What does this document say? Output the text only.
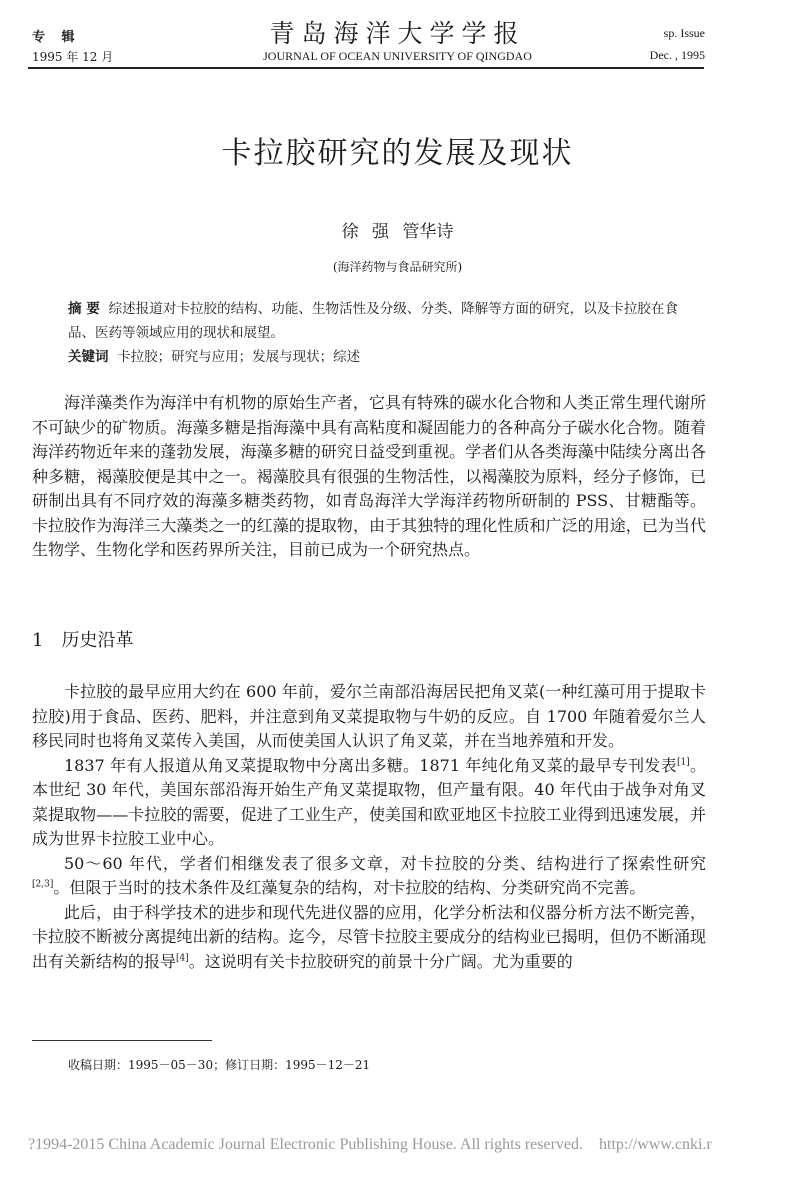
专 辑
1995 年 12 月
青岛海洋大学学报
JOURNAL OF OCEAN UNIVERSITY OF QINGDAO
sp. Issue
Dec. , 1995
卡拉胶研究的发展及现状
徐 强 管华诗
(海洋药物与食品研究所)
摘 要 综述报道对卡拉胶的结构、功能、生物活性及分级、分类、降解等方面的研究，以及卡拉胶在食品、医药等领域应用的现状和展望。
关键词 卡拉胶；研究与应用；发展与现状；综述

海洋藻类作为海洋中有机物的原始生产者，它具有特殊的碳水化合物和人类正常生理代谢所不可缺少的矿物质。海藻多糖是指海藻中具有高粘度和凝固能力的各种高分子碳水化合物。随着海洋药物近年来的蓬勃发展，海藻多糖的研究日益受到重视。学者们从各类海藻中陆续分离出各种多糖，褐藻胶便是其中之一。褐藻胶具有很强的生物活性，以褐藻胶为原料，经分子修饰，已研制出具有不同疗效的海藻多糖类药物，如青岛海洋大学海洋药物所研制的 PSS、甘糖酯等。卡拉胶作为海洋三大藻类之一的红藻的提取物，由于其独特的理化性质和广泛的用途，已为当代生物学、生物化学和医药界所关注，目前已成为一个研究热点。

1　历史沿革

卡拉胶的最早应用大约在 600 年前，爱尔兰南部沿海居民把角叉菜(一种红藻可用于提取卡拉胶)用于食品、医药、肥料，并注意到角叉菜提取物与牛奶的反应。自 1700 年随着爱尔兰人移民同时也将角叉菜传入美国，从而使美国人认识了角叉菜，并在当地养殖和开发。

1837 年有人报道从角叉菜提取物中分离出多糖。1871 年纯化角叉菜的最早专刊发表[1]。本世纪 30 年代，美国东部沿海开始生产角叉菜提取物，但产量有限。40 年代由于战争对角叉菜提取物——卡拉胶的需要，促进了工业生产，使美国和欧亚地区卡拉胶工业得到迅速发展，并成为世界卡拉胶工业中心。

50～60 年代，学者们相继发表了很多文章，对卡拉胶的分类、结构进行了探索性研究[2,3]。但限于当时的技术条件及红藻复杂的结构，对卡拉胶的结构、分类研究尚不完善。

此后，由于科学技术的进步和现代先进仪器的应用，化学分析法和仪器分析方法不断完善，卡拉胶不断被分离提纯出新的结构。迄今，尽管卡拉胶主要成分的结构业已揭明，但仍不断涌现出有关新结构的报导[4]。这说明有关卡拉胶研究的前景十分广阔。尤为重要的

收稿日期：1995－05－30；修订日期：1995－12－21
?1994-2015 China Academic Journal Electronic Publishing House. All rights reserved.　http://www.cnki.r
